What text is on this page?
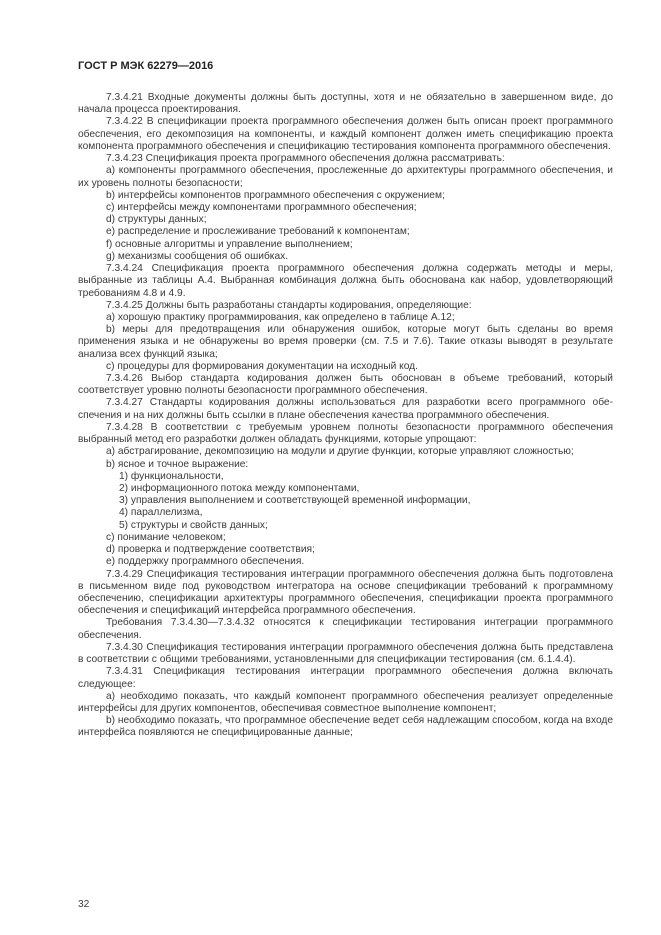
ГОСТ Р МЭК 62279—2016

7.3.4.21 Входные документы должны быть доступны, хотя и не обязательно в завершенном виде, до начала процесса проектирования.

7.3.4.22 В спецификации проекта программного обеспечения должен быть описан проект программного обеспечения, его декомпозиция на компоненты, и каждый компонент должен иметь спецификацию проекта компонента программного обеспечения и спецификацию тестирования компонента программного обеспечения.

7.3.4.23 Спецификация проекта программного обеспечения должна рассматривать:

a) компоненты программного обеспечения, прослеженные до архитектуры программного обеспечения, и их уровень полноты безопасности;

b) интерфейсы компонентов программного обеспечения с окружением;

c) интерфейсы между компонентами программного обеспечения;

d) структуры данных;

e) распределение и прослеживание требований к компонентам;

f) основные алгоритмы и управление выполнением;

g) механизмы сообщения об ошибках.

7.3.4.24 Спецификация проекта программного обеспечения должна содержать методы и меры, выбранные из таблицы А.4. Выбранная комбинация должна быть обоснована как набор, удовлетворяющий требованиям 4.8 и 4.9.

7.3.4.25 Должны быть разработаны стандарты кодирования, определяющие:

a) хорошую практику программирования, как определено в таблице А.12;

b) меры для предотвращения или обнаружения ошибок, которые могут быть сделаны во время применения языка и не обнаружены во время проверки (см. 7.5 и 7.6). Такие отказы выводят в результате анализа всех функций языка;

c) процедуры для формирования документации на исходный код.

7.3.4.26 Выбор стандарта кодирования должен быть обоснован в объеме требований, который соответствует уровню полноты безопасности программного обеспечения.

7.3.4.27 Стандарты кодирования должны использоваться для разработки всего программного обеспечения и на них должны быть ссылки в плане обеспечения качества программного обеспечения.

7.3.4.28 В соответствии с требуемым уровнем полноты безопасности программного обеспечения выбранный метод его разработки должен обладать функциями, которые упрощают:

a) абстрагирование, декомпозицию на модули и другие функции, которые управляют сложностью;

b) ясное и точное выражение:

1) функциональности,

2) информационного потока между компонентами,

3) управления выполнением и соответствующей временной информации,

4) параллелизма,

5) структуры и свойств данных;

c) понимание человеком;

d) проверка и подтверждение соответствия;

e) поддержку программного обеспечения.

7.3.4.29 Спецификация тестирования интеграции программного обеспечения должна быть подготовлена в письменном виде под руководством интегратора на основе спецификации требований к программному обеспечению, спецификации архитектуры программного обеспечения, спецификации проекта программного обеспечения и спецификаций интерфейса программного обеспечения.

Требования 7.3.4.30—7.3.4.32 относятся к спецификации тестирования интеграции программного обеспечения.

7.3.4.30 Спецификация тестирования интеграции программного обеспечения должна быть представлена в соответствии с общими требованиями, установленными для спецификации тестирования (см. 6.1.4.4).

7.3.4.31 Спецификация тестирования интеграции программного обеспечения должна включать следующее:

a) необходимо показать, что каждый компонент программного обеспечения реализует определенные интерфейсы для других компонентов, обеспечивая совместное выполнение компонент;

b) необходимо показать, что программное обеспечение ведет себя надлежащим способом, когда на входе интерфейса появляются не специфицированные данные;

32
